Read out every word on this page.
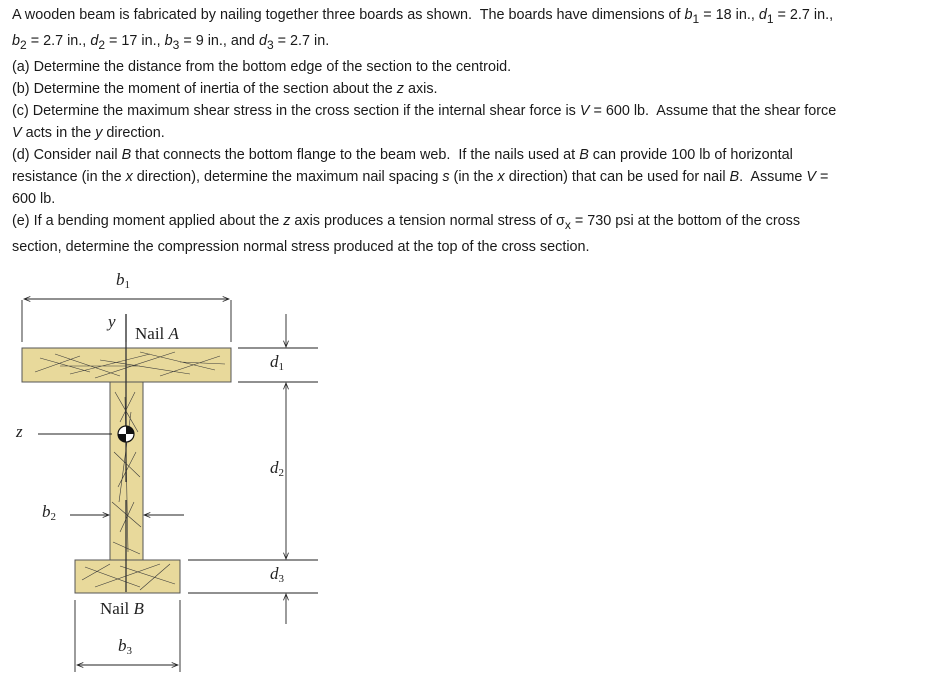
A wooden beam is fabricated by nailing together three boards as shown.  The boards have dimensions of $b_1 = 18$ in., $d_1 = 2.7$ in.,
$b_2 = 2.7$ in., $d_2 = 17$ in., $b_3 = 9$ in., and $d_3 = 2.7$ in.
(a) Determine the distance from the bottom edge of the section to the centroid.
(b) Determine the moment of inertia of the section about the z axis.
(c) Determine the maximum shear stress in the cross section if the internal shear force is V = 600 lb.  Assume that the shear force
V acts in the y direction.
(d) Consider nail B that connects the bottom flange to the beam web.  If the nails used at B can provide 100 lb of horizontal
resistance (in the x direction), determine the maximum nail spacing s (in the x direction) that can be used for nail B.  Assume V =
600 lb.
(e) If a bending moment applied about the z axis produces a tension normal stress of $\sigma_x = 730$ psi at the bottom of the cross
section, determine the compression normal stress produced at the top of the cross section.
$b_1$
y
Nail A
$d_1$
z
$d_2$
$b_2$
$d_3$
Nail B
$b_3$
